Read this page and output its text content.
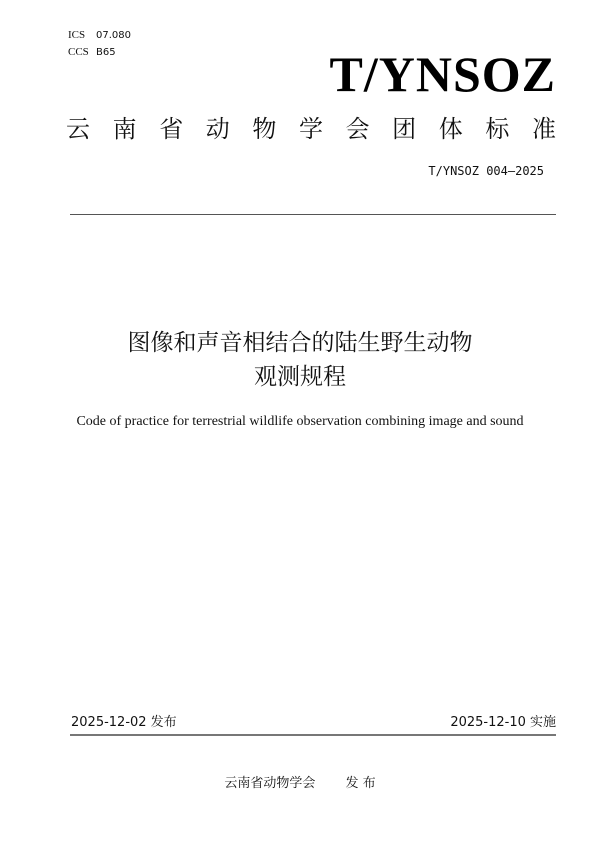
ICS 07.080
CCS B65	T/YNSOZ
云 南 省 动 物 学 会 团 体 标 准
T/YNSOZ 004—2025
图像和声音相结合的陆生野生动物
观测规程
Code of practice for terrestrial wildlife observation combining image and sound
2025-12-02 发布	2025-12-10 实施
云南省动物学会 发 布
